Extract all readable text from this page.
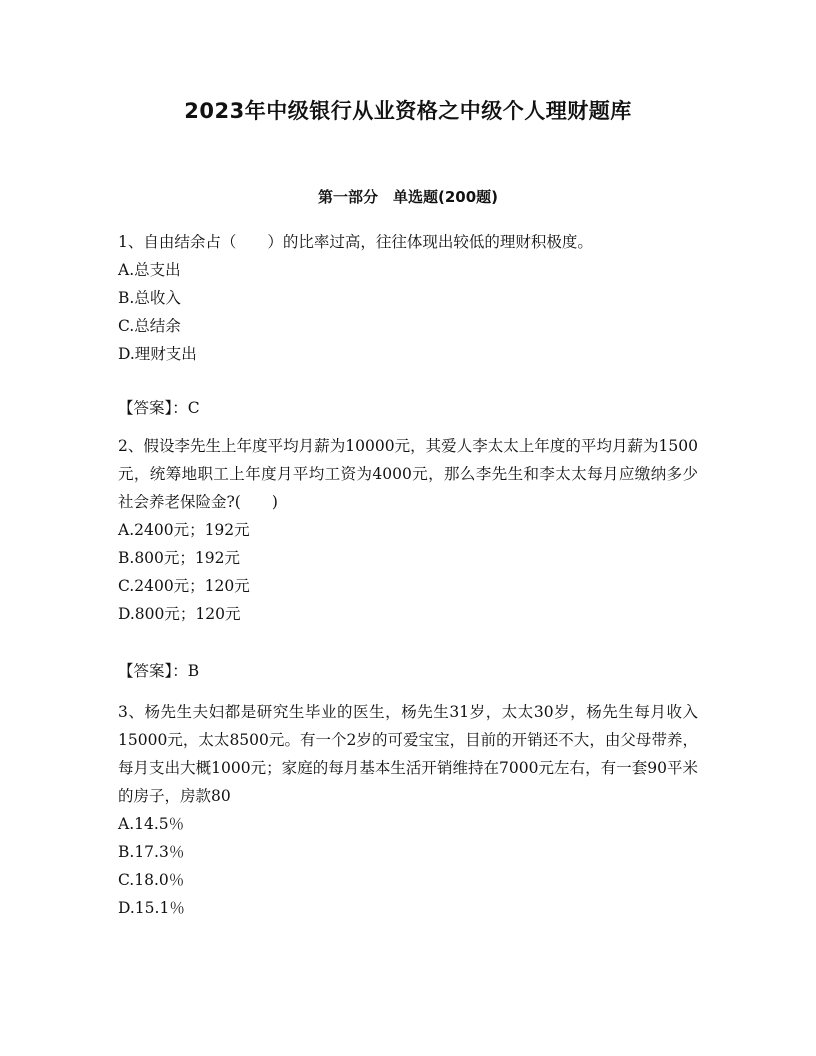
2023年中级银行从业资格之中级个人理财题库
第一部分　单选题(200题)

1、自由结余占（　　）的比率过高，往往体现出较低的理财积极度。

A.总支出

B.总收入

C.总结余

D.理财支出

【答案】：C

2、假设李先生上年度平均月薪为10000元，其爱人李太太上年度的平均月薪为1500元，统筹地职工上年度月平均工资为4000元，那么李先生和李太太每月应缴纳多少社会养老保险金?(　　)

A.2400元；192元

B.800元；192元

C.2400元；120元

D.800元；120元

【答案】：B

3、杨先生夫妇都是研究生毕业的医生，杨先生31岁，太太30岁，杨先生每月收入15000元，太太8500元。有一个2岁的可爱宝宝，目前的开销还不大，由父母带养，每月支出大概1000元；家庭的每月基本生活开销维持在7000元左右，有一套90平米的房子，房款80

A.14.5％

B.17.3％

C.18.0％

D.15.1％
